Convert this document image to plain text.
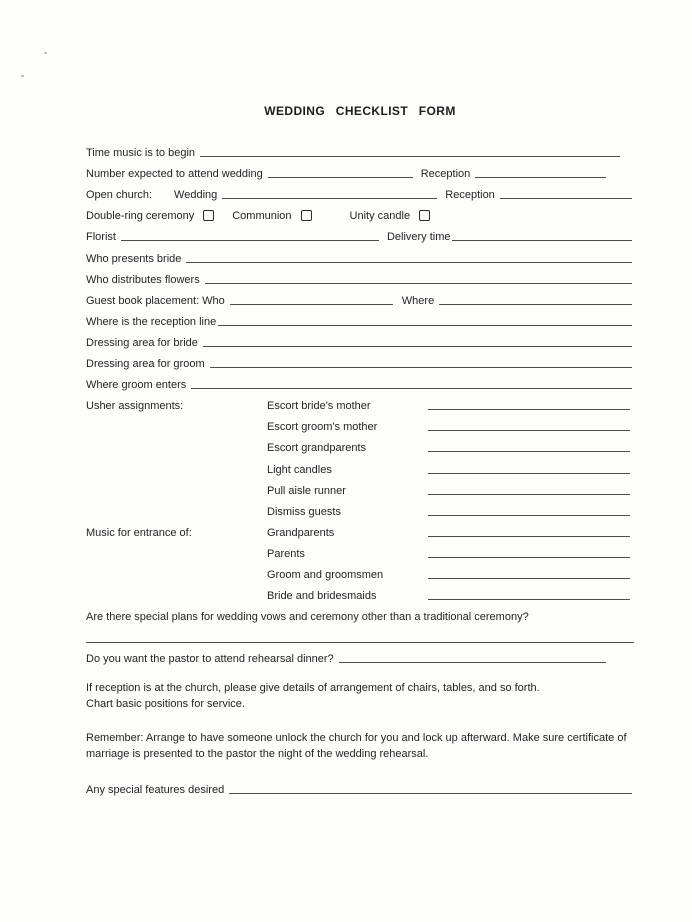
WEDDING CHECKLIST FORM
Time music is to begin
Number expected to attend wedding	Reception
Open church: Wedding	Reception
Double-ring ceremony	Communion	Unity candle
Florist	Delivery time
Who presents bride
Who distributes flowers
Guest book placement: Who	Where
Where is the reception line
Dressing area for bride
Dressing area for groom
Where groom enters
Usher assignments:	Escort bride's mother
Escort groom's mother
Escort grandparents
Light candles
Pull aisle runner
Dismiss guests
Music for entrance of:	Grandparents
Parents
Groom and groomsmen
Bride and bridesmaids
Are there special plans for wedding vows and ceremony other than a traditional ceremony?
Do you want the pastor to attend rehearsal dinner?
If reception is at the church, please give details of arrangement of chairs, tables, and so forth.
Chart basic positions for service.
Remember: Arrange to have someone unlock the church for you and lock up afterward. Make sure certificate of marriage is presented to the pastor the night of the wedding rehearsal.
Any special features desired
